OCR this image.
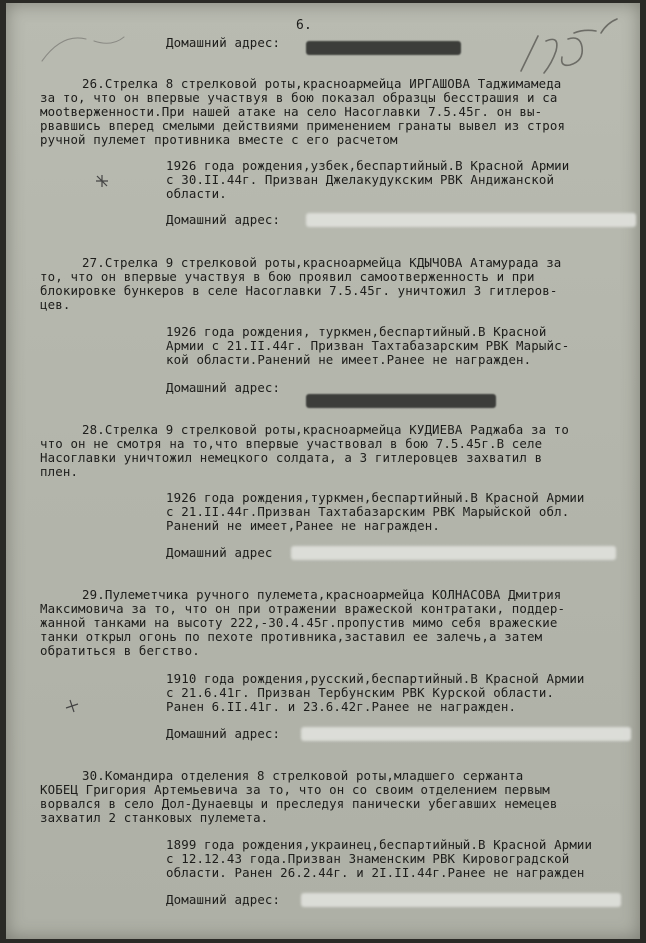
6.
Домашний адрес:
26.Стрелка 8 стрелковой роты,красноармейца ИРГАШОВА Таджимамеда
за то, что он впервые участвуя в бою показал образцы бесстрашия и са
мootверженности.При нашей атаке на село Насоглавки 7.5.45г. он вы-
рвавшись вперед смелыми действиями применением гранаты вывел из строя
ручной пулемет противника вместе с его расчетом
1926 года рождения,узбек,беспартийный.В Красной Армии
с 30.II.44г. Призван Джелакудукским РВК Андижанской
области.
Домашний адрес:
27.Стрелка 9 стрелковой роты,красноармейца КДЫЧОВА Атамурада за
то, что он впервые участвуя в бою проявил самоотверженность и при
блокировке бункеров в селе Насоглавки 7.5.45г. уничтожил 3 гитлеров-
цев.
1926 года рождения, туркмен,беспартийный.В Красной
Армии с 21.II.44г. Призван Тахтабазарским РВК Марыйс-
кой области.Ранений не имеет.Ранее не награжден.
Домашний адрес:
28.Стрелка 9 стрелковой роты,красноармейца КУДИЕВА Раджаба за то
что он не смотря на то,что впервые участвовал в бою 7.5.45г.В селе
Насоглавки уничтожил немецкого солдата, а 3 гитлеровцев захватил в
плен.
1926 года рождения,туркмен,беспартийный.В Красной Армии
с 21.II.44г.Призван Тахтабазарским РВК Марыйской обл.
Ранений не имеет,Ранее не награжден.
Домашний адрес
29.Пулеметчика ручного пулемета,красноармейца КОЛНАСОВА Дмитрия
Максимовича за то, что он при отражении вражеской контратаки, поддер-
жанной танками на высоту 222,-30.4.45г.пропустив мимо себя вражеские
танки открыл огонь по пехоте противника,заставил ее залечь,а затем
обратиться в бегство.
1910 года рождения,русский,беспартийный.В Красной Армии
с 21.6.41г. Призван Тербунским РВК Курской области.
Ранен 6.II.41г. и 23.6.42г.Ранее не награжден.
Домашний адрес:
30.Командира отделения 8 стрелковой роты,младшего сержанта
КОБЕЦ Григория Артемьевича за то, что он со своим отделением первым
ворвался в село Дол-Дунаевцы и преследуя панически убегавших немецев
захватил 2 станковых пулемета.
1899 года рождения,украинец,беспартийный.В Красной Армии
с 12.12.43 года.Призван Знаменским РВК Кировоградской
области. Ранен 26.2.44г. и 2I.II.44г.Ранее не награжден
Домашний адрес:
